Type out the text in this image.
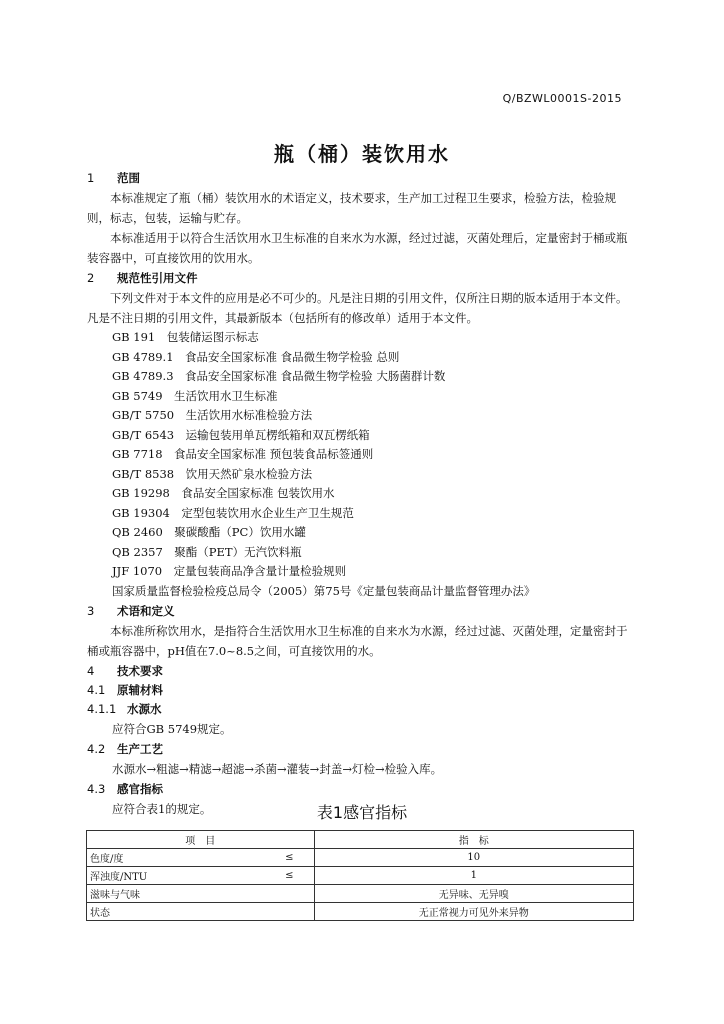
Q/BZWL0001S-2015
瓶（桶）装饮用水
1 范围

本标准规定了瓶（桶）装饮用水的术语定义，技术要求，生产加工过程卫生要求，检验方法，检验规则，标志，包装，运输与贮存。

本标准适用于以符合生活饮用水卫生标准的自来水为水源，经过过滤，灭菌处理后，定量密封于桶或瓶装容器中，可直接饮用的饮用水。

2 规范性引用文件

下列文件对于本文件的应用是必不可少的。凡是注日期的引用文件，仅所注日期的版本适用于本文件。凡是不注日期的引用文件，其最新版本（包括所有的修改单）适用于本文件。

GB 191　包装储运图示标志
GB 4789.1　食品安全国家标准 食品微生物学检验 总则
GB 4789.3　食品安全国家标准 食品微生物学检验 大肠菌群计数
GB 5749　生活饮用水卫生标准
GB/T 5750　生活饮用水标准检验方法
GB/T 6543　运输包装用单瓦楞纸箱和双瓦楞纸箱
GB 7718　食品安全国家标准 预包装食品标签通则
GB/T 8538　饮用天然矿泉水检验方法
GB 19298　食品安全国家标准 包装饮用水
GB 19304　定型包装饮用水企业生产卫生规范
QB 2460　聚碳酸酯（PC）饮用水罐
QB 2357　聚酯（PET）无汽饮料瓶
JJF 1070　定量包装商品净含量计量检验规则
国家质量监督检验检疫总局令（2005）第75号《定量包装商品计量监督管理办法》
3 术语和定义

本标准所称饮用水，是指符合生活饮用水卫生标准的自来水为水源，经过过滤、灭菌处理，定量密封于桶或瓶容器中，pH值在7.0~8.5之间，可直接饮用的水。

4 技术要求
4.1 原辅材料
4.1.1 水源水
应符合GB 5749规定。
4.2 生产工艺
水源水→粗滤→精滤→超滤→杀菌→灌装→封盖→灯检→检验入库。
4.3 感官指标
应符合表1的规定。	表1感官指标
项　目		指　标
色度/度	≤	10
浑浊度/NTU	≤	1
滋味与气味		无异味、无异嗅
状态		无正常视力可见外来异物
